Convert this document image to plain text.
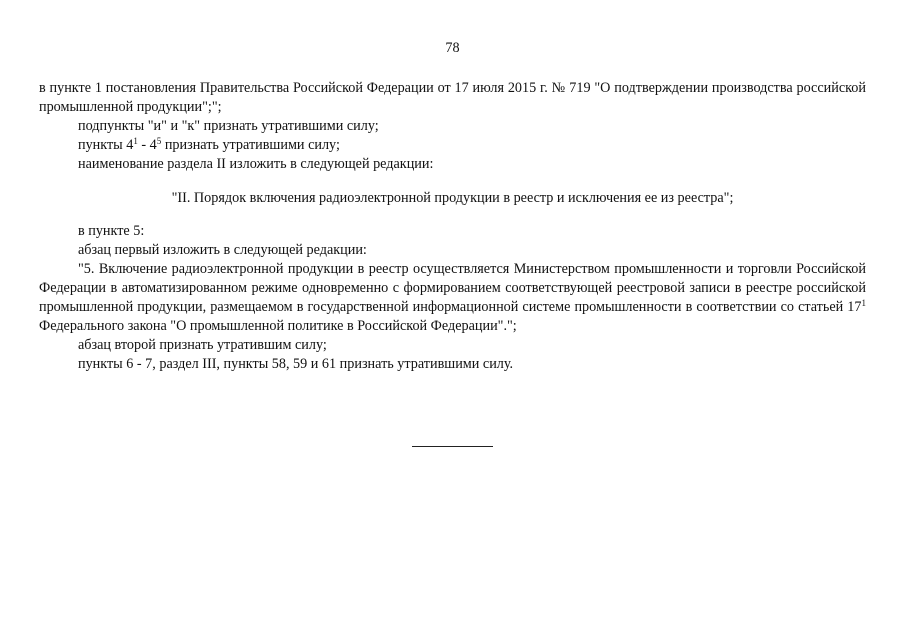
78

в пункте 1 постановления Правительства Российской Федерации от 17 июля 2015 г. № 719 "О подтверждении производства российской промышленной продукции";";

подпункты "и" и "к" признать утратившими силу;

пункты $4^1 - 4^5$ признать утратившими силу;

наименование раздела II изложить в следующей редакции:

"II. Порядок включения радиоэлектронной продукции в реестр и исключения ее из реестра";

в пункте 5:

абзац первый изложить в следующей редакции:

"5. Включение радиоэлектронной продукции в реестр осуществляется Министерством промышленности и торговли Российской Федерации в автоматизированном режиме одновременно с формированием соответствующей реестровой записи в реестре российской промышленной продукции, размещаемом в государственной информационной системе промышленности в соответствии со статьей $17^1$ Федерального закона "О промышленной политике в Российской Федерации".";

абзац второй признать утратившим силу;

пункты 6 - 7, раздел III, пункты 58, 59 и 61 признать утратившими силу.
